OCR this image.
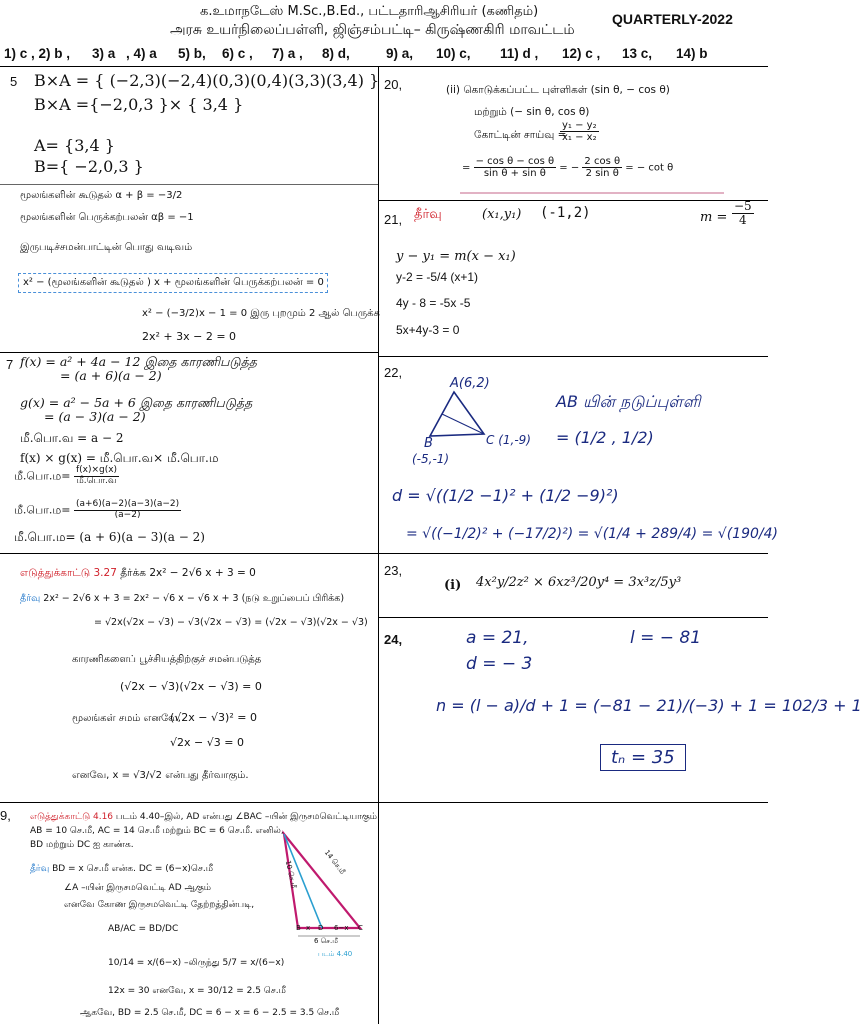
க.உமாநடேஸ் M.Sc.,B.Ed., பட்டதாரிஆசிரியர் (கணிதம்)
அரசு உயர்நிலைப்பள்ளி, ஜிஞ்சம்பட்டி– கிருஷ்ணகிரி மாவட்டம்
QUARTERLY-2022
1) c , 2) b , 3) a , 4) a 5) b, 6) c , 7) a , 8) d,	9) a, 10) c, 11) d , 12) c , 13 c, 14) b
5 B×A = { (−2,3)(−2,4)(0,3)(0,4)(3,3)(3,4) }
B×A ={−2,0,3 }× { 3,4 }
A= {3,4 }
B={ −2,0,3 }
மூலங்களின் கூடுதல் α + β = −3/2
மூலங்களின் பெருக்கற்பலன் αβ = −1
இருபடிச்சமன்பாட்டின் பொது வடிவம்
x² − (மூலங்களின் கூடுதல் ) x + மூலங்களின் பெருக்கற்பலன் = 0
x² − (−3/2)x − 1 = 0 இரு புறமும் 2 ஆல் பெருக்க
2x² + 3x − 2 = 0
20,	(ii) கொடுக்கப்பட்ட புள்ளிகள் (sin θ, − cos θ)
மற்றும் (− sin θ, cos θ)
கோட்டின் சாய்வு =
$\frac{\text{y₁ − y₂}}{\text{x₁ − x₂}}$
= $\frac{\text{− cos θ − cos θ}}{\text{sin θ + sin θ}}$ = − $\frac{\text{2 cos θ}}{\text{2 sin θ}}$ = − cot θ
21, தீர்வு	(x₁,y₁) (-1,2)	$m = \frac{-5}{4}$
y − y₁ = m(x − x₁)
y-2 = -5/4 (x+1)
4y - 8 = -5x -5
5x+4y-3 = 0
7 f(x) = a² + 4a − 12 இதை காரணிபடுத்த
= (a + 6)(a − 2)
g(x) = a² − 5a + 6 இதை காரணிபடுத்த
= (a − 3)(a − 2)
மீ.பொ.வ = a − 2
f(x) × g(x) = மீ.பொ.வ× மீ.பொ.ம
மீ.பொ.ம= $\frac{f(x)\times g(x)}{\text{மீ.பொ.வ}}$
மீ.பொ.ம= $\frac{(a+6)(a-2)(a-3)(a-2)}{(a-2)}$
மீ.பொ.ம= (a + 6)(a − 3)(a − 2)
22,
A(6,2)
B
(-5,-1)
C (1,-9)
AB யின் நடுப்புள்ளி
= (1/2 , 1/2)
d = √((1/2 −1)² + (1/2 −9)²)
= √((−1/2)² + (−17/2)²) = √(1/4 + 289/4) = √(190/4)
எடுத்துக்காட்டு 3.27 தீர்க்க 2x² − 2√6 x + 3 = 0
தீர்வு 2x² − 2√6 x + 3 = 2x² − √6 x − √6 x + 3 (நடு உறுப்பைப் பிரிக்க)
= √2x(√2x − √3) − √3(√2x − √3) = (√2x − √3)(√2x − √3)
காரணிகளைப் பூச்சியத்திற்குச் சமன்படுத்த
(√2x − √3)(√2x − √3) = 0
மூலங்கள் சமம் எனவே,
(√2x − √3)² = 0
√2x − √3 = 0
எனவே, x = √3/√2 என்பது தீர்வாகும்.
23,
(i) 4x²y/2z² × 6xz³/20y⁴ = 3x³z/5y³
24,	a = 21,	l = − 81
d = − 3
n = (l − a)/d + 1 = (−81 − 21)/(−3) + 1 = 102/3 + 1
tₙ = 35
9, எடுத்துக்காட்டு 4.16 படம் 4.40–இல், AD என்பது ∠BAC –யின் இருசமவெட்டியாகும்.
AB = 10 செ.மீ, AC = 14 செ.மீ மற்றும் BC = 6 செ.மீ. எனில்,
BD மற்றும் DC ஐ காண்க.
தீர்வு BD = x செ.மீ என்க. DC = (6−x)செ.மீ
∠A –யின் இருசமவெட்டி AD ஆகும்
எனவே கோண இருசமவெட்டி தேற்றத்தின்படி,
AB/AC = BD/DC
10/14 = x/(6−x) –லிருந்து 5/7 = x/(6−x)
12x = 30 எனவே, x = 30/12 = 2.5 செ.மீ
ஆகவே, BD = 2.5 செ.மீ, DC = 6 − x = 6 − 2.5 = 3.5 செ.மீ
14 செ.மீ
10 செ.மீ
B x D 6−x C
6 செ.மீ
படம் 4.40
